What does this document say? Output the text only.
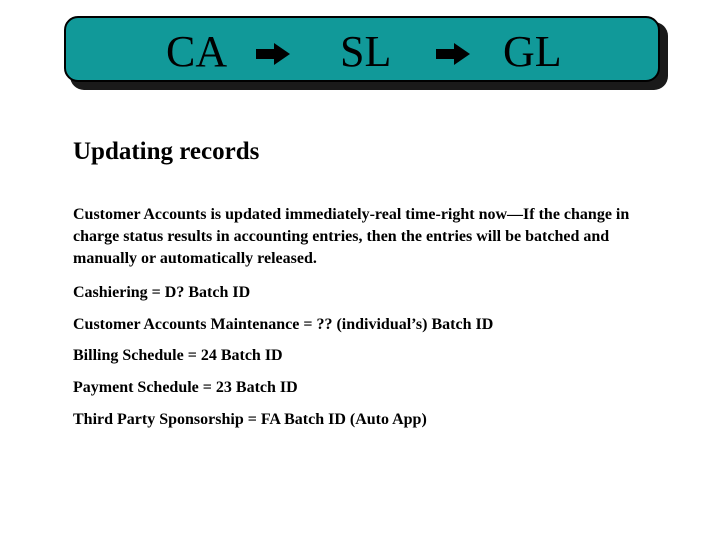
CA	SL	GL
Updating records

Customer Accounts is updated immediately-real time-right now—If the change in charge status results in accounting entries, then the entries will be batched and manually or automatically released.

Cashiering = D? Batch ID

Customer Accounts Maintenance = ?? (individual’s) Batch ID

Billing Schedule = 24 Batch ID

Payment Schedule = 23 Batch ID

Third Party Sponsorship = FA Batch ID (Auto App)
